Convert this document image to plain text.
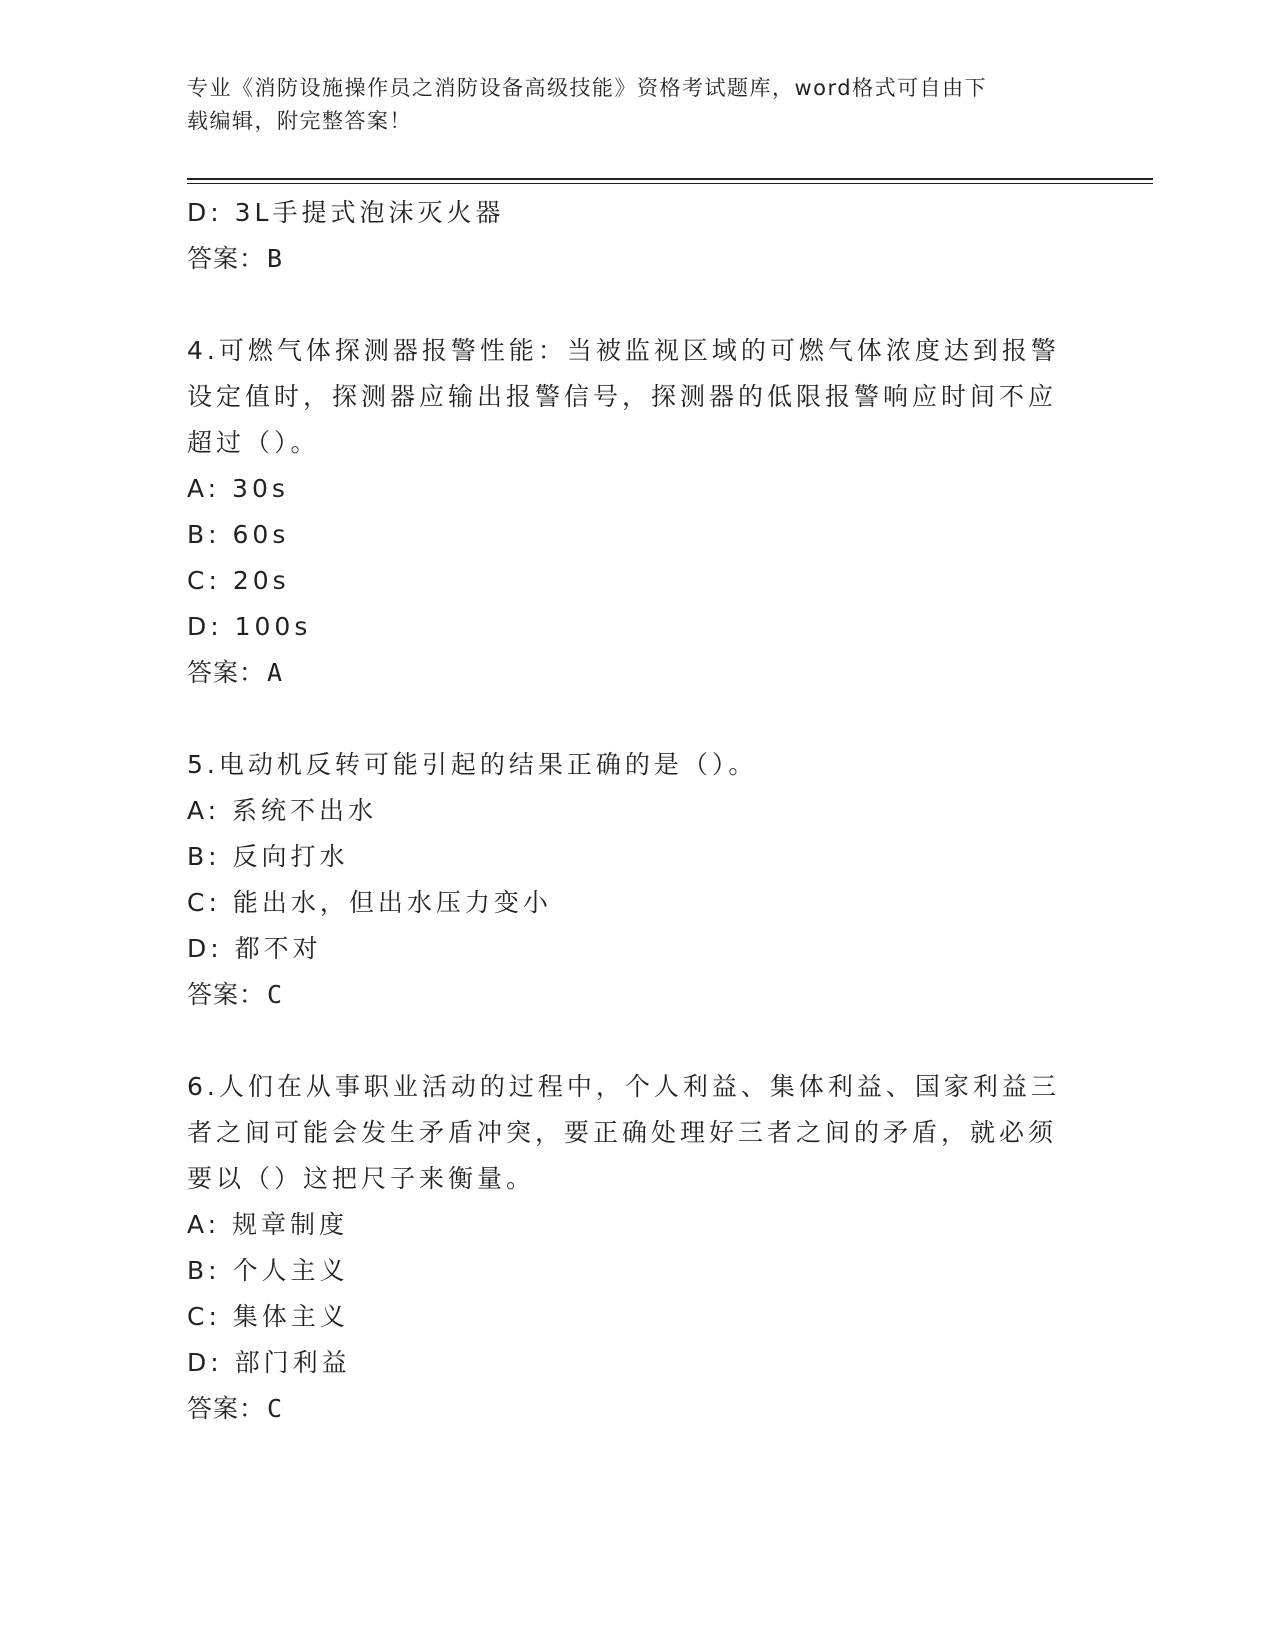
专业《消防设施操作员之消防设备高级技能》资格考试题库，word格式可自由下
载编辑，附完整答案！

D: 3L手提式泡沫灭火器

答案：B

4.可燃气体探测器报警性能：当被监视区域的可燃气体浓度达到报警

设定值时，探测器应输出报警信号，探测器的低限报警响应时间不应

超过（）。

A: 30s

B: 60s

C: 20s

D: 100s

答案：A

5.电动机反转可能引起的结果正确的是（）。

A: 系统不出水

B: 反向打水

C: 能出水，但出水压力变小

D: 都不对

答案：C

6.人们在从事职业活动的过程中，个人利益、集体利益、国家利益三

者之间可能会发生矛盾冲突，要正确处理好三者之间的矛盾，就必须

要以（）这把尺子来衡量。

A: 规章制度

B: 个人主义

C: 集体主义

D: 部门利益

答案：C
